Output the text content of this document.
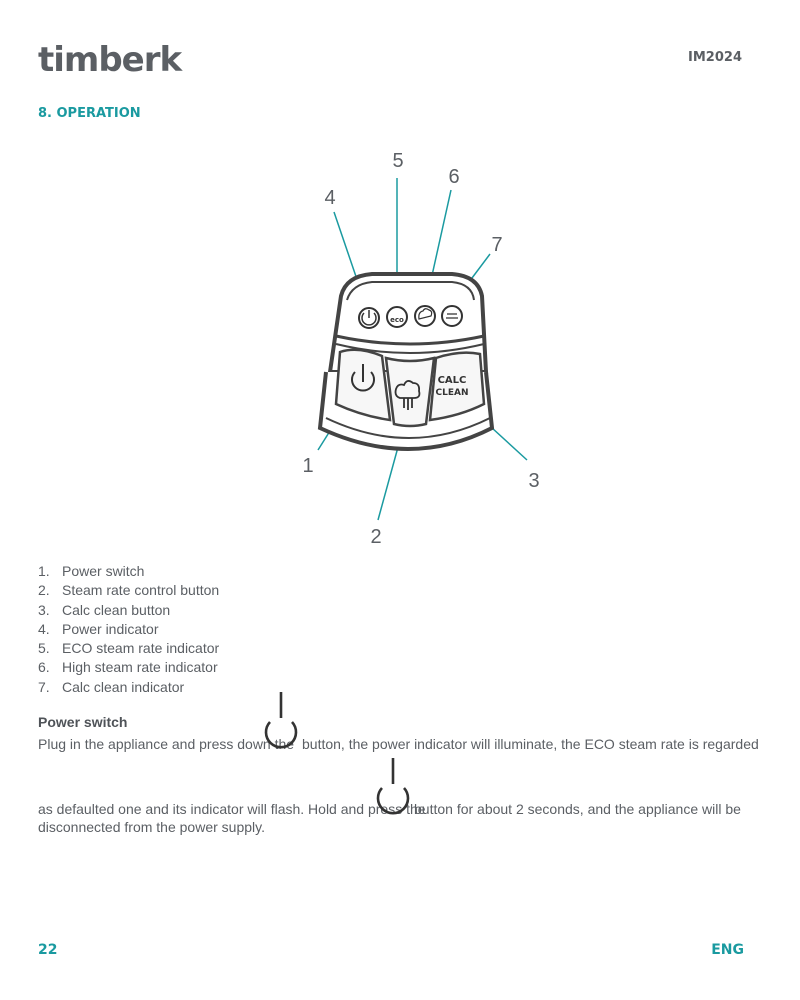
timberk	IM2024
8. OPERATION
eco
CALC
CLEAN
4
5
6
7
1
2
3
1. Power switch
2. Steam rate control button
3. Calc clean button
4. Power indicator
5. ECO steam rate indicator
6. High steam rate indicator
7. Calc clean indicator
Power switch
Plug in the appliance and press down the button, the power indicator will illuminate, the ECO steam rate is regarded
as defaulted one and its indicator will flash. Hold and press the
button for about 2 seconds, and the appliance will be
disconnected from the power supply.
22	ENG
